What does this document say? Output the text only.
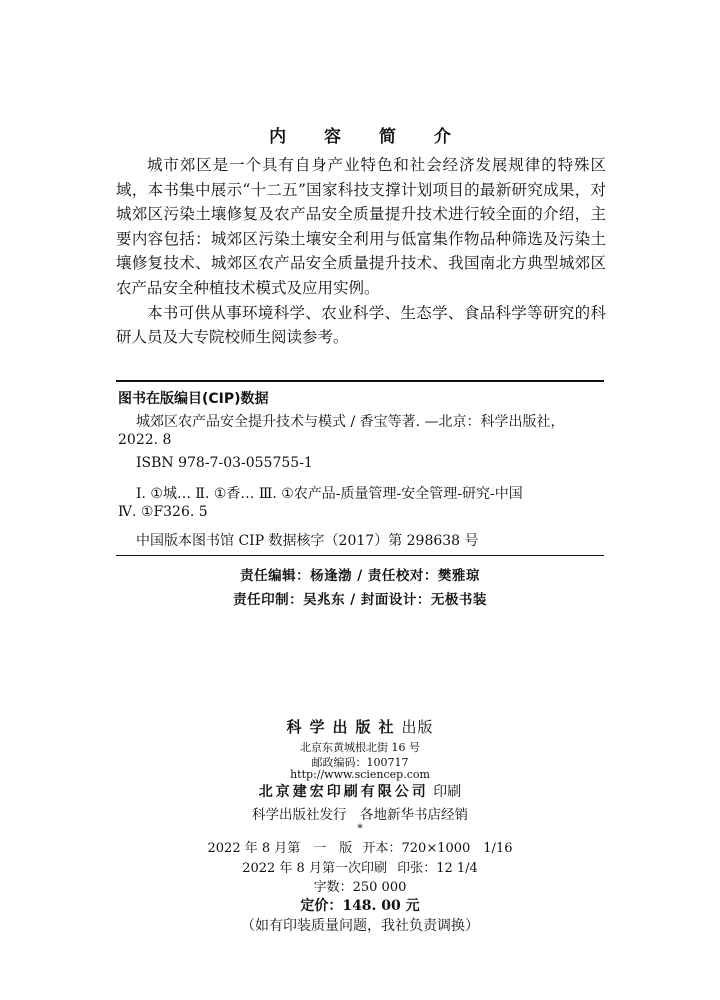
内 容 简 介

城市郊区是一个具有自身产业特色和社会经济发展规律的特殊区域，本书集中展示“十二五”国家科技支撑计划项目的最新研究成果，对城郊区污染土壤修复及农产品安全质量提升技术进行较全面的介绍，主要内容包括：城郊区污染土壤安全利用与低富集作物品种筛选及污染土壤修复技术、城郊区农产品安全质量提升技术、我国南北方典型城郊区农产品安全种植技术模式及应用实例。

本书可供从事环境科学、农业科学、生态学、食品科学等研究的科研人员及大专院校师生阅读参考。

图书在版编目(CIP)数据
城郊区农产品安全提升技术与模式 / 香宝等著. —北京：科学出版社，
2022. 8
ISBN 978-7-03-055755-1
Ⅰ. ①城… Ⅱ. ①香… Ⅲ. ①农产品-质量管理-安全管理-研究-中国
Ⅳ. ①F326. 5
中国版本图书馆 CIP 数据核字（2017）第 298638 号
责任编辑：杨逢渤 / 责任校对：樊雅琼
责任印制：吴兆东 / 封面设计：无极书装
科学出版社出版
北京东黄城根北街 16 号
邮政编码：100717
http://www.sciencep.com
北京建宏印刷有限公司 印刷
科学出版社发行　各地新华书店经销
*
2022 年 8 月第　一　版 开本：720×1000　1/16
2022 年 8 月第一次印刷 印张：12 1/4
字数：250 000
定价：148. 00 元
（如有印装质量问题，我社负责调换）
